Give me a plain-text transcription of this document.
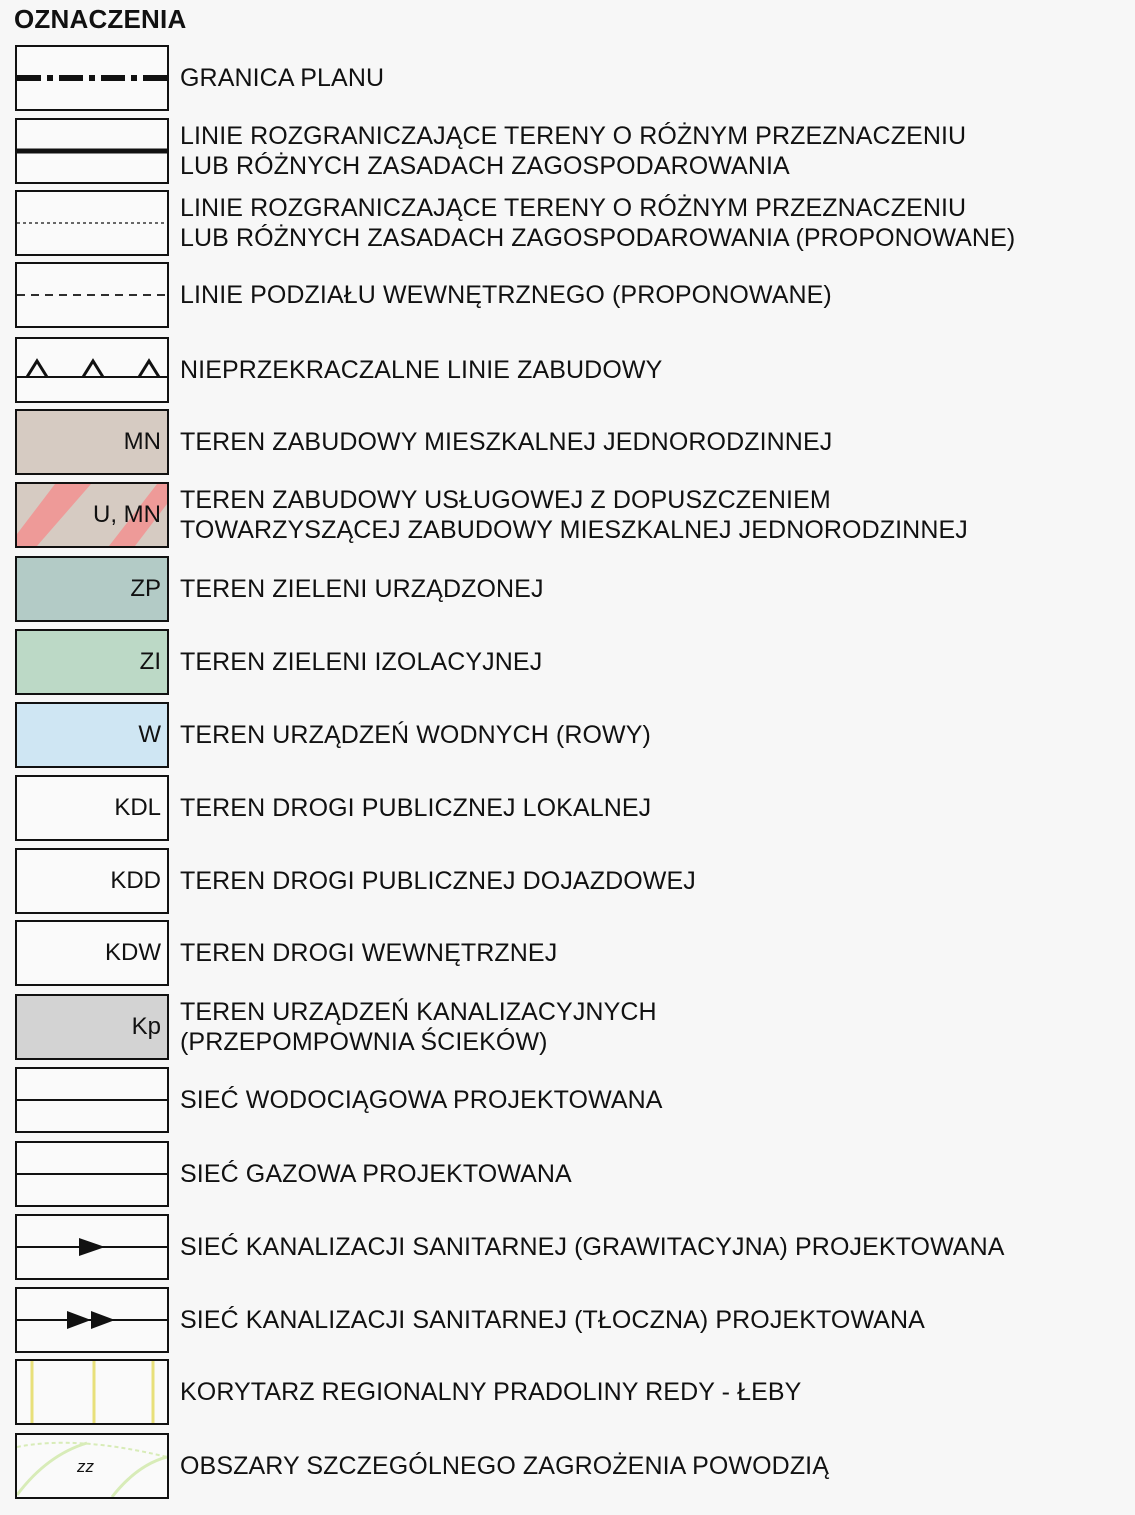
OZNACZENIA
GRANICA PLANU
LINIE ROZGRANICZAJĄCE TERENY O RÓŻNYM PRZEZNACZENIU
LUB RÓŻNYCH ZASADACH ZAGOSPODAROWANIA
LINIE ROZGRANICZAJĄCE TERENY O RÓŻNYM PRZEZNACZENIU
LUB RÓŻNYCH ZASADACH ZAGOSPODAROWANIA (PROPONOWANE)
LINIE PODZIAŁU WEWNĘTRZNEGO (PROPONOWANE)
NIEPRZEKRACZALNE LINIE ZABUDOWY
MN TEREN ZABUDOWY MIESZKALNEJ JEDNORODZINNEJ
U, MN
TEREN ZABUDOWY USŁUGOWEJ Z DOPUSZCZENIEM
TOWARZYSZĄCEJ ZABUDOWY MIESZKALNEJ JEDNORODZINNEJ
ZP TEREN ZIELENI URZĄDZONEJ
ZI TEREN ZIELENI IZOLACYJNEJ
W TEREN URZĄDZEŃ WODNYCH (ROWY)
KDL TEREN DROGI PUBLICZNEJ LOKALNEJ
KDD TEREN DROGI PUBLICZNEJ DOJAZDOWEJ
KDW TEREN DROGI WEWNĘTRZNEJ
Kp
TEREN URZĄDZEŃ KANALIZACYJNYCH
(PRZEPOMPOWNIA ŚCIEKÓW)
SIEĆ WODOCIĄGOWA PROJEKTOWANA
SIEĆ GAZOWA PROJEKTOWANA
SIEĆ KANALIZACJI SANITARNEJ (GRAWITACYJNA) PROJEKTOWANA
SIEĆ KANALIZACJI SANITARNEJ (TŁOCZNA) PROJEKTOWANA
KORYTARZ REGIONALNY PRADOLINY REDY - ŁEBY
zz	OBSZARY SZCZEGÓLNEGO ZAGROŻENIA POWODZIĄ
